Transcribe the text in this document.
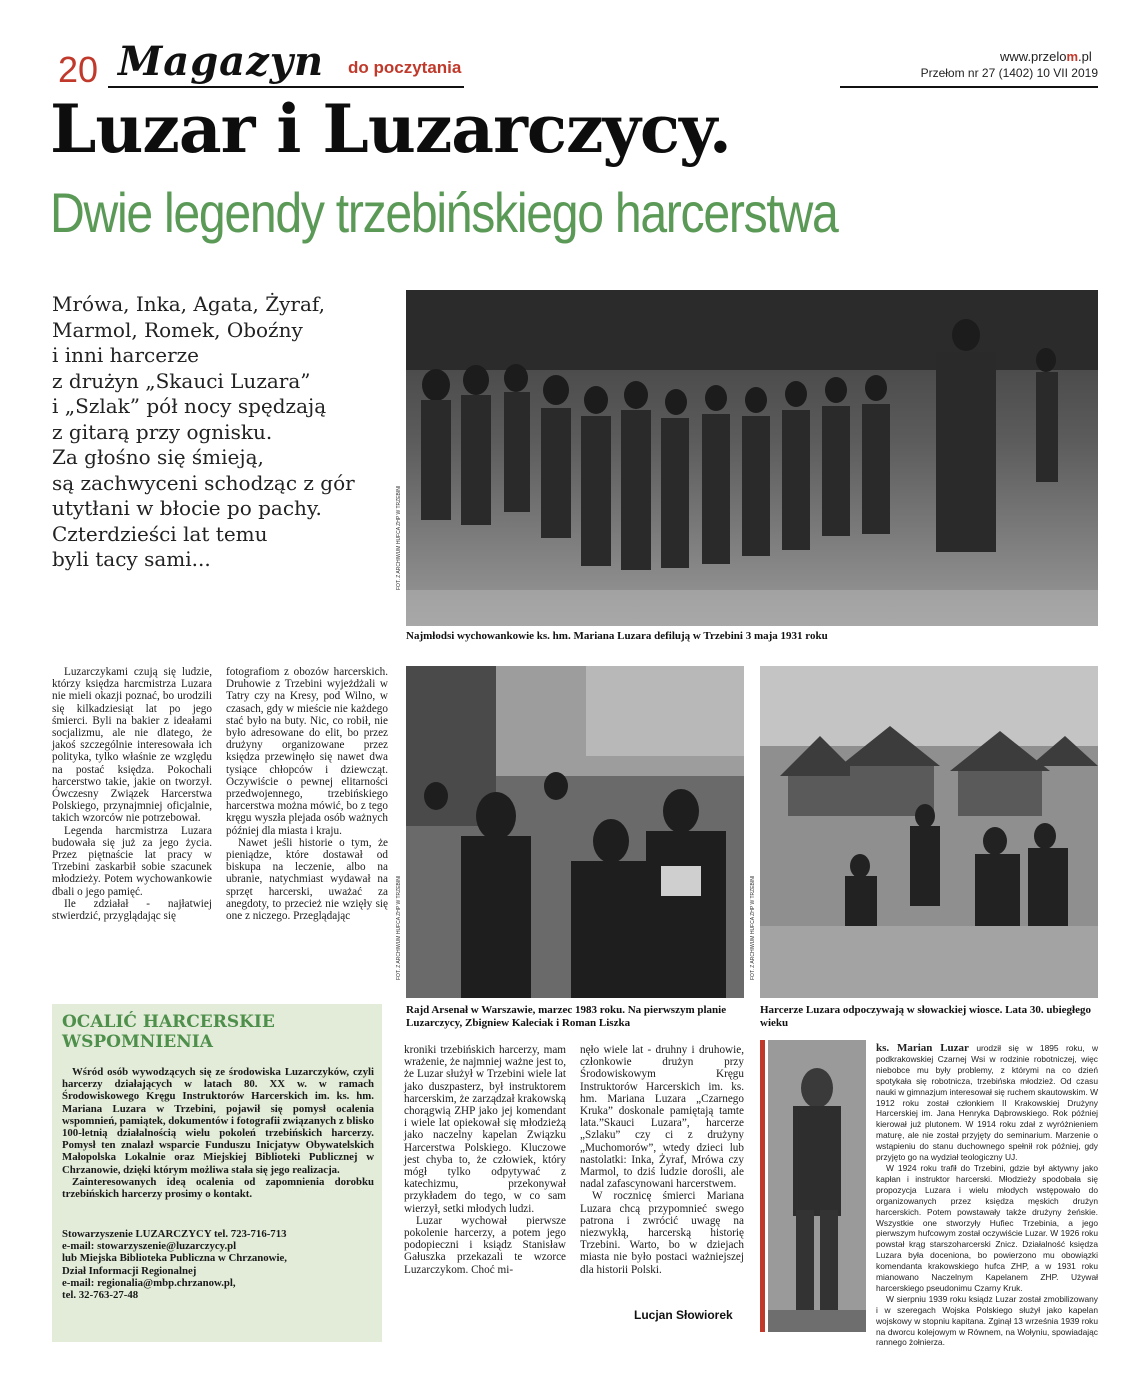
20 Magazyn do poczytania
www.przelom.pl
Przełom nr 27 (1402) 10 VII 2019
Luzar i Luzarczycy.
Dwie legendy trzebińskiego harcerstwa
Mrówa, Inka, Agata, Żyraf,
Marmol, Romek, Oboźny
i inni harcerze
z drużyn „Skauci Luzara”
i „Szlak” pół nocy spędzają
z gitarą przy ognisku.
Za głośno się śmieją,
są zachwyceni schodząc z gór
utytłani w błocie po pachy.
Czterdzieści lat temu
byli tacy sami...	FOT. Z ARCHIWUM HUFCA ZHP W TRZEBINI
Najmłodsi wychowankowie ks. hm. Mariana Luzara defilują w Trzebini 3 maja 1931 roku

Luzarczykami czują się ludzie, którzy księdza harcmistrza Luzara nie mieli okazji poznać, bo urodzili się kilkadziesiąt lat po jego śmierci. Byli na bakier z ideałami socjalizmu, ale nie dlatego, że jakoś szczególnie interesowała ich polityka, tylko właśnie ze względu na postać księdza. Pokochali harcerstwo takie, jakie on tworzył. Ówczesny Związek Harcerstwa Polskiego, przynajmniej oficjalnie, takich wzorców nie potrzebował.

Legenda harcmistrza Luzara budowała się już za jego życia. Przez piętnaście lat pracy w Trzebini zaskarbił sobie szacunek młodzieży. Potem wychowankowie dbali o jego pamięć.

Ile zdziałał - najłatwiej stwierdzić, przyglądając się

fotografiom z obozów harcerskich. Druhowie z Trzebini wyjeżdżali w Tatry czy na Kresy, pod Wilno, w czasach, gdy w mieście nie każdego stać było na buty. Nic, co robił, nie było adresowane do elit, bo przez drużyny organizowane przez księdza przewinęło się nawet dwa tysiące chłopców i dziewcząt. Oczywiście o pewnej elitarności przedwojennego, trzebińskiego harcerstwa można mówić, bo z tego kręgu wyszła plejada osób ważnych później dla miasta i kraju.

Nawet jeśli historie o tym, że pieniądze, które dostawał od biskupa na leczenie, albo na ubranie, natychmiast wydawał na sprzęt harcerski, uważać za anegdoty, to przecież nie wzięły się one z niczego. Przeglądając	FOT. Z ARCHIWUM HUFCA ZHP W TRZEBINI
Rajd Arsenał w Warszawie, marzec 1983 roku. Na pierwszym planie Luzarczycy, Zbigniew Kaleciak i Roman Liszka
FOT. Z ARCHIWUM HUFCA ZHP W TRZEBINI
Harcerze Luzara odpoczywają w słowackiej wiosce. Lata 30. ubiegłego wieku
OCALIĆ HARCERSKIE
WSPOMNIENIA

Wśród osób wywodzących się ze środowiska Luzarczyków, czyli harcerzy działających w latach 80. XX w. w ramach Środowiskowego Kręgu Instruktorów Harcerskich im. ks. hm. Mariana Luzara w Trzebini, pojawił się pomysł ocalenia wspomnień, pamiątek, dokumentów i fotografii związanych z blisko 100-letnią działalnością wielu pokoleń trzebińskich harcerzy. Pomysł ten znalazł wsparcie Funduszu Inicjatyw Obywatelskich Małopolska Lokalnie oraz Miejskiej Biblioteki Publicznej w Chrzanowie, dzięki którym możliwa stała się jego realizacja.

Zainteresowanych ideą ocalenia od zapomnienia dorobku trzebińskich harcerzy prosimy o kontakt.

Stowarzyszenie LUZARCZYCY tel. 723-716-713
e-mail: stowarzyszenie@luzarczycy.pl
lub Miejska Biblioteka Publiczna w Chrzanowie,
Dział Informacji Regionalnej
e-mail: regionalia@mbp.chrzanow.pl,
tel. 32-763-27-48

kroniki trzebińskich harcerzy, mam wrażenie, że najmniej ważne jest to, że Luzar służył w Trzebini wiele lat jako duszpasterz, był instruktorem harcerskim, że zarządzał krakowską chorągwią ZHP jako jej komendant i wiele lat opiekował się młodzieżą jako naczelny kapelan Związku Harcerstwa Polskiego. Kluczowe jest chyba to, że człowiek, który mógł tylko odpytywać z katechizmu, przekonywał przykładem do tego, w co sam wierzył, setki młodych ludzi.

Luzar wychował pierwsze pokolenie harcerzy, a potem jego podopieczni i ksiądz Stanisław Gałuszka przekazali te wzorce Luzarczykom. Choć mi-

nęło wiele lat - druhny i druhowie, członkowie drużyn przy Środowiskowym Kręgu Instruktorów Harcerskich im. ks. hm. Mariana Luzara „Czarnego Kruka” doskonale pamiętają tamte lata.”Skauci Luzara”, harcerze „Szlaku” czy ci z drużyny „Muchomorów”, wtedy dzieci lub nastolatki: Inka, Żyraf, Mrówa czy Marmol, to dziś ludzie dorośli, ale nadal zafascynowani harcerstwem.

W rocznicę śmierci Mariana Luzara chcą przypomnieć swego patrona i zwrócić uwagę na niezwykłą, harcerską historię Trzebini. Warto, bo w dziejach miasta nie było postaci ważniejszej dla historii Polski.

Lucjan Słowiorek

ks. Marian Luzar urodził się w 1895 roku, w podkrakowskiej Czarnej Wsi w rodzinie robotniczej, więc niebobce mu były problemy, z którymi na co dzień spotykała się robotnicza, trzebińska młodzież. Od czasu nauki w gimnazjum interesował się ruchem skautowskim. W 1912 roku został członkiem II Krakowskiej Drużyny Harcerskiej im. Jana Henryka Dąbrowskiego. Rok później kierował już plutonem. W 1914 roku zdał z wyróżnieniem maturę, ale nie został przyjęty do seminarium. Marzenie o wstąpieniu do stanu duchownego spełnił rok później, gdy przyjęto go na wydział teologiczny UJ.

W 1924 roku trafił do Trzebini, gdzie był aktywny jako kapłan i instruktor harcerski. Młodzieży spodobała się propozycja Luzara i wielu młodych wstępowało do organizowanych przez księdza męskich drużyn harcerskich. Potem powstawały także drużyny żeńskie. Wszystkie one stworzyły Hufiec Trzebinia, a jego pierwszym hufcowym został oczywiście Luzar. W 1926 roku powstał krąg starszoharcerski Znicz. Działalność księdza Luzara była doceniona, bo powierzono mu obowiązki komendanta krakowskiego hufca ZHP, a w 1931 roku mianowano Naczelnym Kapelanem ZHP. Używał harcerskiego pseudonimu Czarny Kruk.

W sierpniu 1939 roku ksiądz Luzar został zmobilizowany i w szeregach Wojska Polskiego służył jako kapelan wojskowy w stopniu kapitana. Zginął 13 września 1939 roku na dworcu kolejowym w Równem, na Wołyniu, spowiadając rannego żołnierza.
